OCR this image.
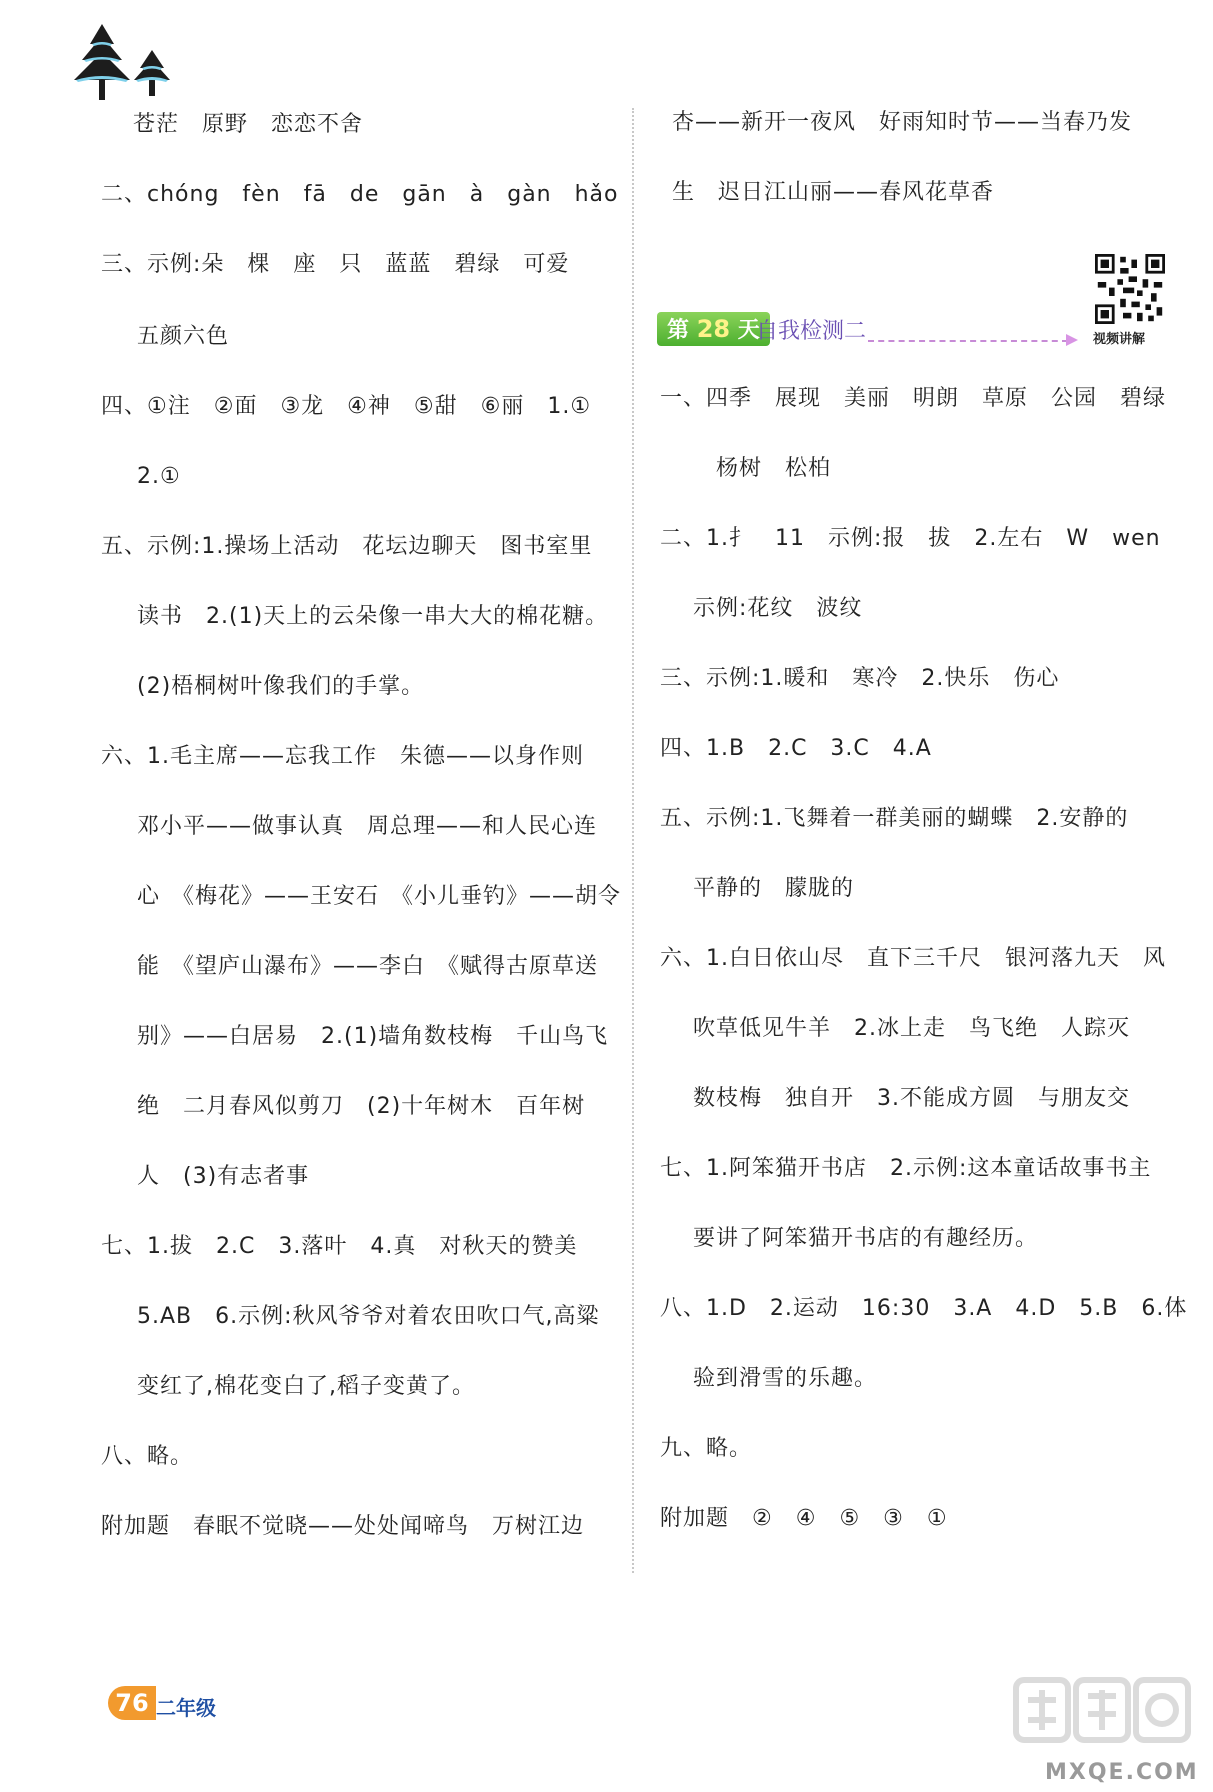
苍茫　原野　恋恋不舍
二、chóng　fèn　fā　de　gān　à　gàn　hǎo
三、示例:朵　棵　座　只　蓝蓝　碧绿　可爱
五颜六色
四、①注　②面　③龙　④神　⑤甜　⑥丽　1.①
2.①
五、示例:1.操场上活动　花坛边聊天　图书室里
读书　2.(1)天上的云朵像一串大大的棉花糖。
(2)梧桐树叶像我们的手掌。
六、1.毛主席——忘我工作　朱德——以身作则
邓小平——做事认真　周总理——和人民心连
心　《梅花》——王安石　《小儿垂钓》——胡令
能　《望庐山瀑布》——李白　《赋得古原草送
别》——白居易　2.(1)墙角数枝梅　千山鸟飞
绝　二月春风似剪刀　(2)十年树木　百年树
人　(3)有志者事
七、1.拔　2.C　3.落叶　4.真　对秋天的赞美
5.AB　6.示例:秋风爷爷对着农田吹口气,高粱
变红了,棉花变白了,稻子变黄了。
八、略。
附加题　春眠不觉晓——处处闻啼鸟　万树江边
杏——新开一夜风　好雨知时节——当春乃发
生　迟日江山丽——春风花草香
第 28 天
自我检测二	视频讲解
一、四季　展现　美丽　明朗　草原　公园　碧绿
杨树　松柏
二、1.扌　11　示例:报　拔　2.左右　W　wen
示例:花纹　波纹
三、示例:1.暖和　寒冷　2.快乐　伤心
四、1.B　2.C　3.C　4.A
五、示例:1.飞舞着一群美丽的蝴蝶　2.安静的
平静的　朦胧的
六、1.白日依山尽　直下三千尺　银河落九天　风
吹草低见牛羊　2.冰上走　鸟飞绝　人踪灭
数枝梅　独自开　3.不能成方圆　与朋友交
七、1.阿笨猫开书店　2.示例:这本童话故事书主
要讲了阿笨猫开书店的有趣经历。
八、1.D　2.运动　16:30　3.A　4.D　5.B　6.体
验到滑雪的乐趣。
九、略。
附加题　②　④　⑤　③　①
76 二年级
MXQE.COM
